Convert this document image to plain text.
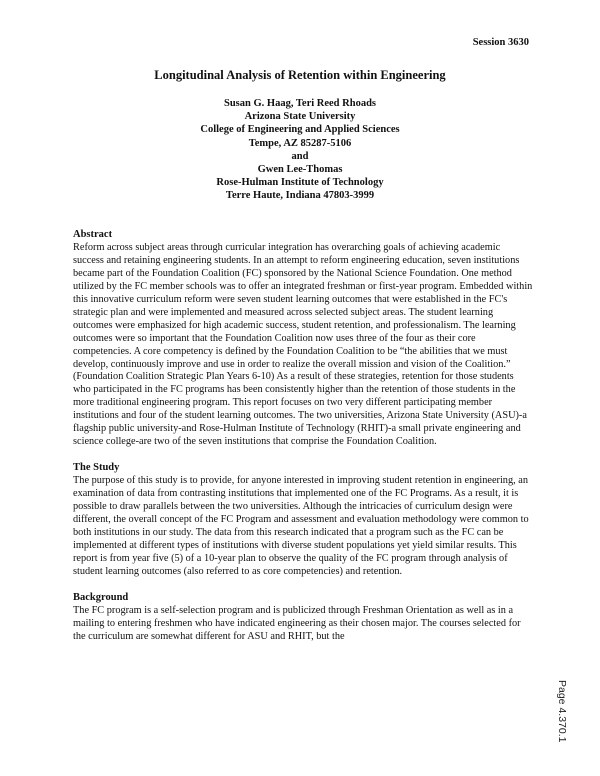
Session 3630
Longitudinal Analysis of Retention within Engineering
Susan G. Haag, Teri Reed Rhoads
Arizona State University
College of Engineering and Applied Sciences
Tempe, AZ 85287-5106
and
Gwen Lee-Thomas
Rose-Hulman Institute of Technology
Terre Haute, Indiana 47803-3999
Abstract

Reform across subject areas through curricular integration has overarching goals of achieving academic success and retaining engineering students. In an attempt to reform engineering education, seven institutions became part of the Foundation Coalition (FC) sponsored by the National Science Foundation. One method utilized by the FC member schools was to offer an integrated freshman or first-year program. Embedded within this innovative curriculum reform were seven student learning outcomes that were established in the FC's strategic plan and were implemented and measured across selected subject areas. The student learning outcomes were emphasized for high academic success, student retention, and professionalism. The learning outcomes were so important that the Foundation Coalition now uses three of the four as their core competencies. A core competency is defined by the Foundation Coalition to be “the abilities that we must develop, continuously improve and use in order to realize the overall mission and vision of the Coalition.” (Foundation Coalition Strategic Plan Years 6-10) As a result of these strategies, retention for those students who participated in the FC programs has been consistently higher than the retention of those students in the more traditional engineering program. This report focuses on two very different participating member institutions and four of the student learning outcomes. The two universities, Arizona State University (ASU)-a flagship public university-and Rose-Hulman Institute of Technology (RHIT)-a small private engineering and science college-are two of the seven institutions that comprise the Foundation Coalition.

The Study

The purpose of this study is to provide, for anyone interested in improving student retention in engineering, an examination of data from contrasting institutions that implemented one of the FC Programs. As a result, it is possible to draw parallels between the two universities. Although the intricacies of curriculum design were different, the overall concept of the FC Program and assessment and evaluation methodology were common to both institutions in our study. The data from this research indicated that a program such as the FC can be implemented at different types of institutions with diverse student populations yet yield similar results. This report is from year five (5) of a 10-year plan to observe the quality of the FC program through analysis of student learning outcomes (also referred to as core competencies) and retention.

Background

The FC program is a self-selection program and is publicized through Freshman Orientation as well as in a mailing to entering freshmen who have indicated engineering as their chosen major. The courses selected for the curriculum are somewhat different for ASU and RHIT, but the

Page 4.370.1
